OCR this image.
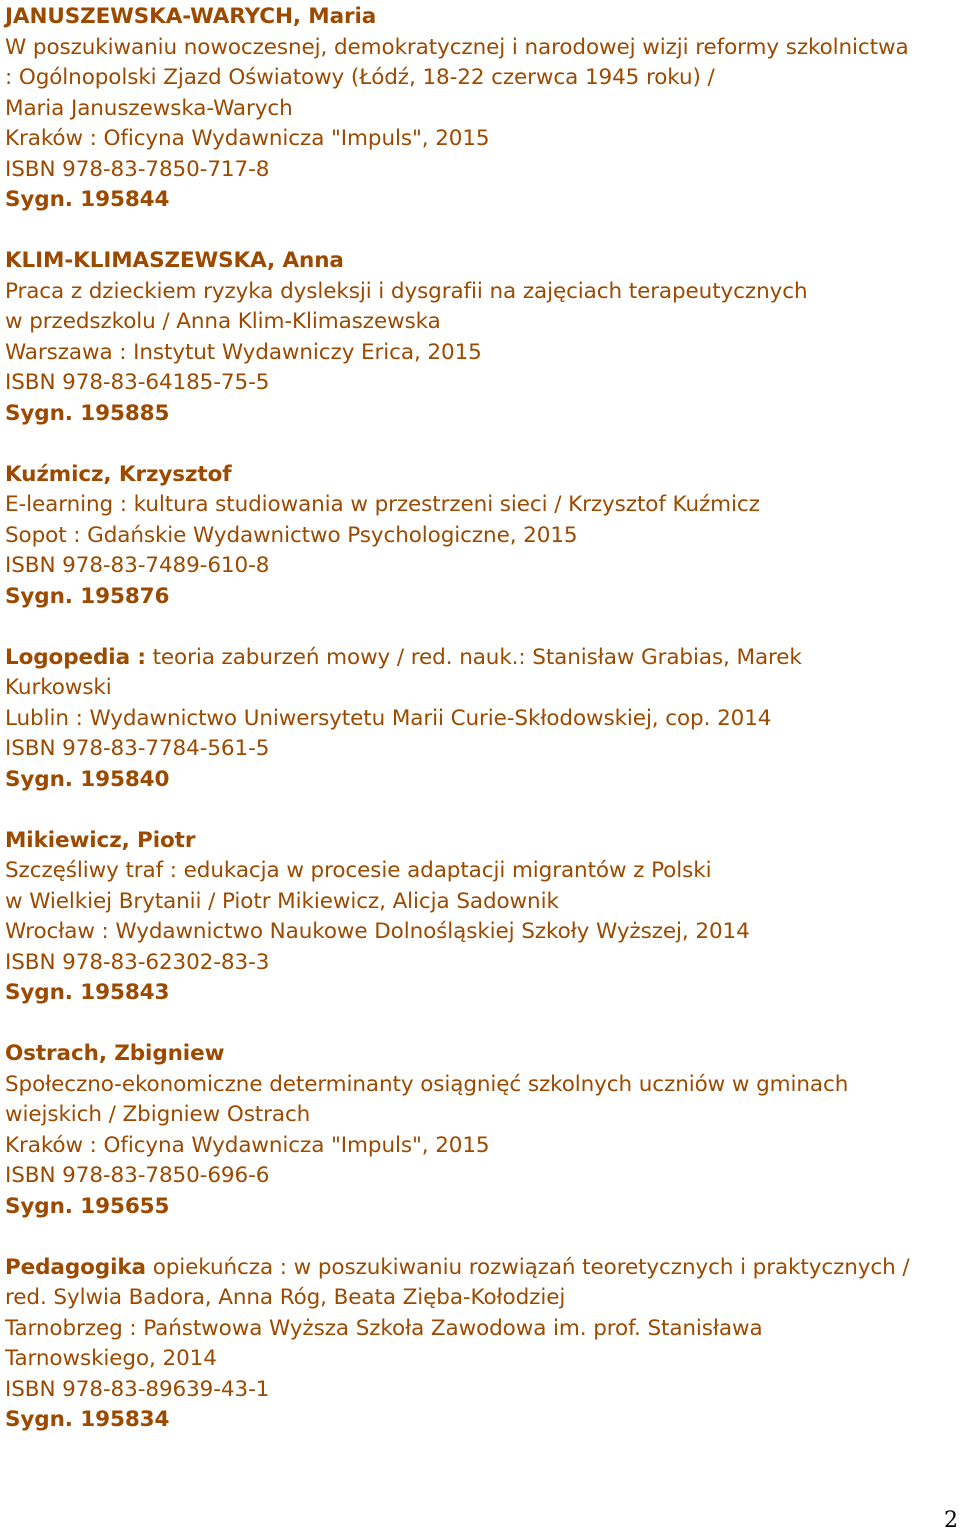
JANUSZEWSKA-WARYCH, Maria
W poszukiwaniu nowoczesnej, demokratycznej i narodowej wizji reformy szkolnictwa
: Ogólnopolski Zjazd Oświatowy (Łódź, 18-22 czerwca 1945 roku) /
Maria Januszewska-Warych
Kraków : Oficyna Wydawnicza "Impuls", 2015
ISBN 978-83-7850-717-8
Sygn. 195844
KLIM-KLIMASZEWSKA, Anna
Praca z dzieckiem ryzyka dysleksji i dysgrafii na zajęciach terapeutycznych
w przedszkolu / Anna Klim-Klimaszewska
Warszawa : Instytut Wydawniczy Erica, 2015
ISBN 978-83-64185-75-5
Sygn. 195885
Kuźmicz, Krzysztof
E-learning : kultura studiowania w przestrzeni sieci / Krzysztof Kuźmicz
Sopot : Gdańskie Wydawnictwo Psychologiczne, 2015
ISBN 978-83-7489-610-8
Sygn. 195876
Logopedia : teoria zaburzeń mowy / red. nauk.: Stanisław Grabias, Marek
Kurkowski
Lublin : Wydawnictwo Uniwersytetu Marii Curie-Skłodowskiej, cop. 2014
ISBN 978-83-7784-561-5
Sygn. 195840
Mikiewicz, Piotr
Szczęśliwy traf : edukacja w procesie adaptacji migrantów z Polski
w Wielkiej Brytanii / Piotr Mikiewicz, Alicja Sadownik
Wrocław : Wydawnictwo Naukowe Dolnośląskiej Szkoły Wyższej, 2014
ISBN 978-83-62302-83-3
Sygn. 195843
Ostrach, Zbigniew
Społeczno-ekonomiczne determinanty osiągnięć szkolnych uczniów w gminach
wiejskich / Zbigniew Ostrach
Kraków : Oficyna Wydawnicza "Impuls", 2015
ISBN 978-83-7850-696-6
Sygn. 195655
Pedagogika opiekuńcza : w poszukiwaniu rozwiązań teoretycznych i praktycznych /
red. Sylwia Badora, Anna Róg, Beata Zięba-Kołodziej
Tarnobrzeg : Państwowa Wyższa Szkoła Zawodowa im. prof. Stanisława
Tarnowskiego, 2014
ISBN 978-83-89639-43-1
Sygn. 195834
2
